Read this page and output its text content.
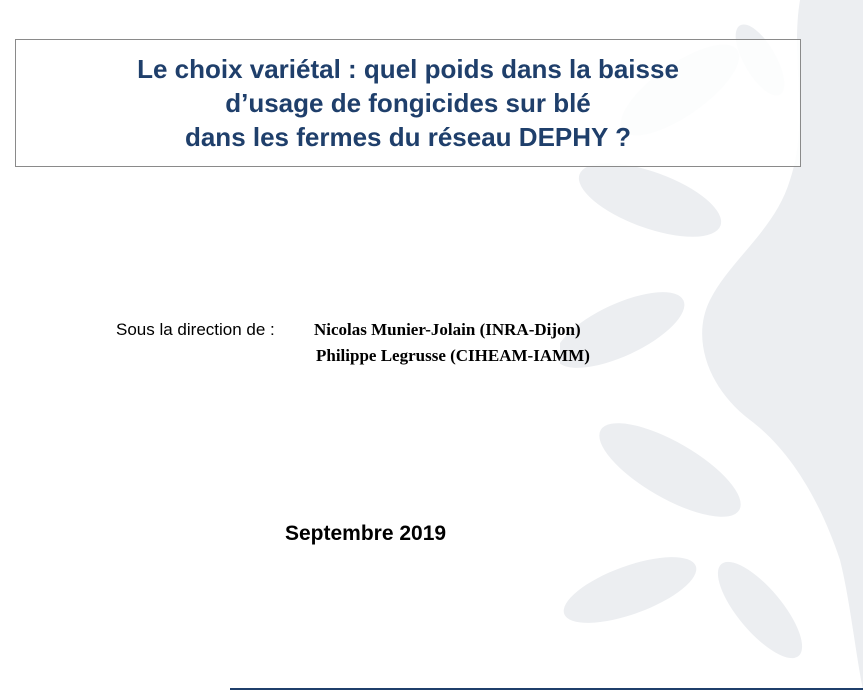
Le choix variétal : quel poids dans la baisse
d’usage de fongicides sur blé
dans les fermes du réseau DEPHY ?
Sous la direction de : Nicolas Munier-Jolain (INRA-Dijon)
Philippe Legrusse (CIHEAM-IAMM)
Septembre 2019
